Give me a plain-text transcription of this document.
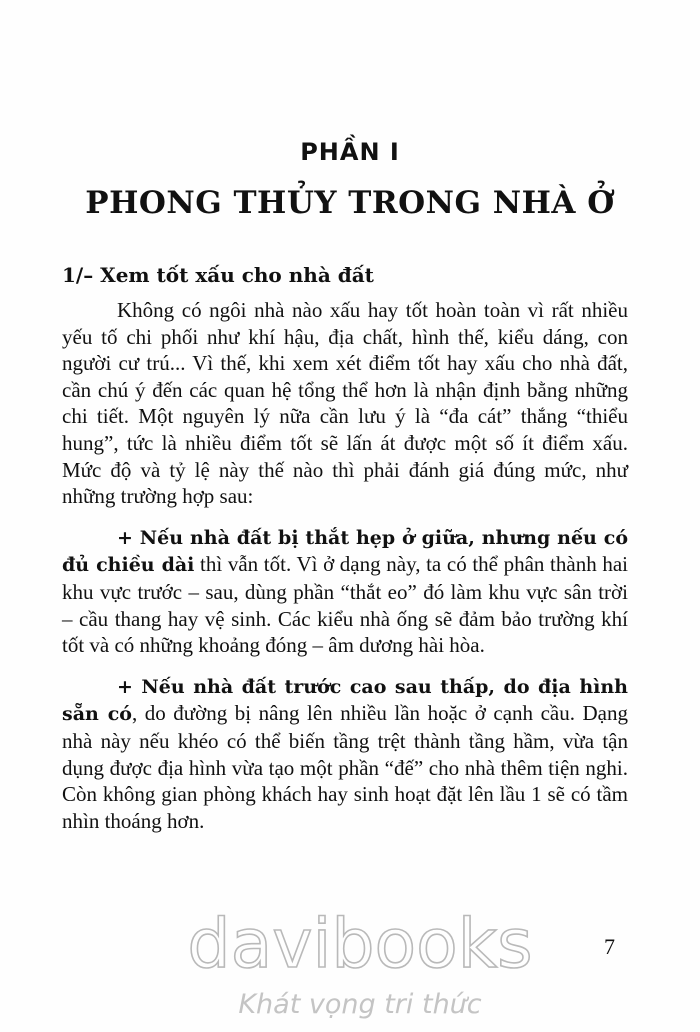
PHẦN I
PHONG THỦY TRONG NHÀ Ở
1/– Xem tốt xấu cho nhà đất

Không có ngôi nhà nào xấu hay tốt hoàn toàn vì rất nhiều yếu tố chi phối như khí hậu, địa chất, hình thế, kiểu dáng, con người cư trú... Vì thế, khi xem xét điểm tốt hay xấu cho nhà đất, cần chú ý đến các quan hệ tổng thể hơn là nhận định bằng những chi tiết. Một nguyên lý nữa cần lưu ý là “đa cát” thắng “thiểu hung”, tức là nhiều điểm tốt sẽ lấn át được một số ít điểm xấu. Mức độ và tỷ lệ này thế nào thì phải đánh giá đúng mức, như những trường hợp sau:

+ Nếu nhà đất bị thắt hẹp ở giữa, nhưng nếu có đủ chiều dài thì vẫn tốt. Vì ở dạng này, ta có thể phân thành hai khu vực trước – sau, dùng phần “thắt eo” đó làm khu vực sân trời – cầu thang hay vệ sinh. Các kiểu nhà ống sẽ đảm bảo trường khí tốt và có những khoảng đóng – âm dương hài hòa.

+ Nếu nhà đất trước cao sau thấp, do địa hình sẵn có, do đường bị nâng lên nhiều lần hoặc ở cạnh cầu. Dạng nhà này nếu khéo có thể biến tầng trệt thành tầng hầm, vừa tận dụng được địa hình vừa tạo một phần “đế” cho nhà thêm tiện nghi. Còn không gian phòng khách hay sinh hoạt đặt lên lầu 1 sẽ có tầm nhìn thoáng hơn.

davibooks
Khát vọng tri thức
7
